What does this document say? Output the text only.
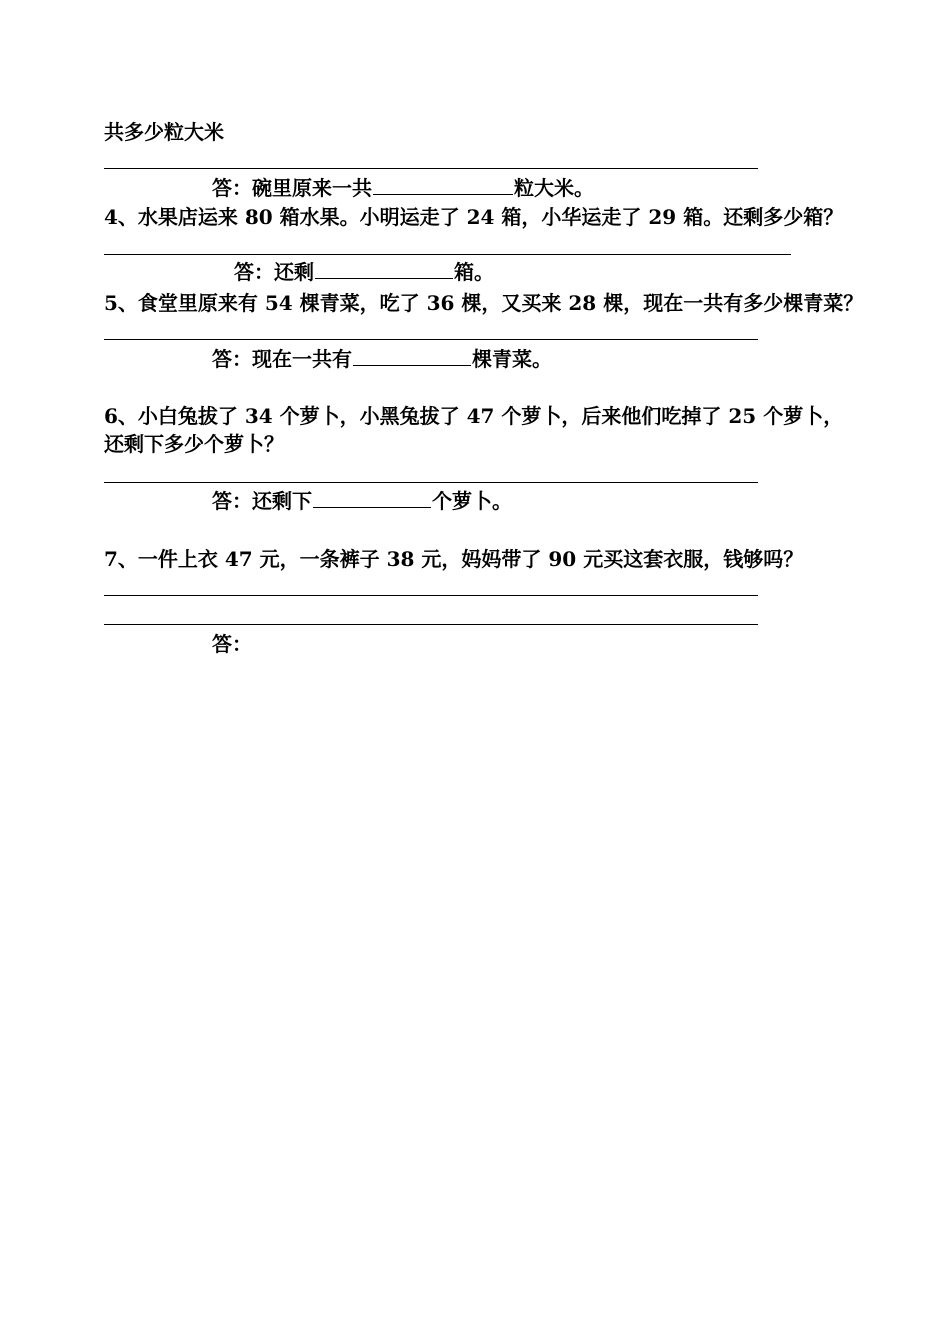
共多少粒大米
答：碗里原来一共	粒大米。
4、水果店运来 80 箱水果。小明运走了 24 箱，小华运走了 29 箱。还剩多少箱？
答：还剩	箱。
5、食堂里原来有 54 棵青菜，吃了 36 棵，又买来 28 棵，现在一共有多少棵青菜？
答：现在一共有	棵青菜。
6、小白兔拔了 34 个萝卜，小黑兔拔了 47 个萝卜，后来他们吃掉了 25 个萝卜，还剩下多少个萝卜？
答：还剩下	个萝卜。
7、一件上衣 47 元，一条裤子 38 元，妈妈带了 90 元买这套衣服，钱够吗？
答：
